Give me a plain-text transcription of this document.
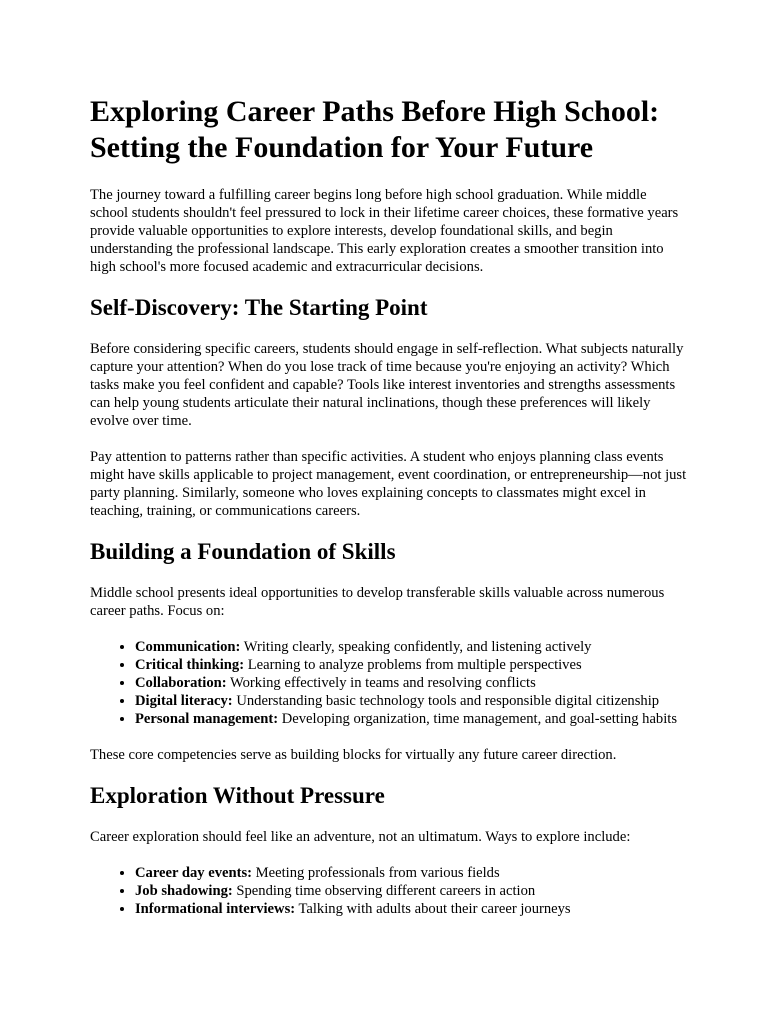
Exploring Career Paths Before High School: Setting the Foundation for Your Future

The journey toward a fulfilling career begins long before high school graduation. While middle school students shouldn't feel pressured to lock in their lifetime career choices, these formative years provide valuable opportunities to explore interests, develop foundational skills, and begin understanding the professional landscape. This early exploration creates a smoother transition into high school's more focused academic and extracurricular decisions.

Self-Discovery: The Starting Point

Before considering specific careers, students should engage in self-reflection. What subjects naturally capture your attention? When do you lose track of time because you're enjoying an activity? Which tasks make you feel confident and capable? Tools like interest inventories and strengths assessments can help young students articulate their natural inclinations, though these preferences will likely evolve over time.

Pay attention to patterns rather than specific activities. A student who enjoys planning class events might have skills applicable to project management, event coordination, or entrepreneurship—not just party planning. Similarly, someone who loves explaining concepts to classmates might excel in teaching, training, or communications careers.

Building a Foundation of Skills

Middle school presents ideal opportunities to develop transferable skills valuable across numerous career paths. Focus on:

• Communication: Writing clearly, speaking confidently, and listening actively
• Critical thinking: Learning to analyze problems from multiple perspectives
• Collaboration: Working effectively in teams and resolving conflicts
• Digital literacy: Understanding basic technology tools and responsible digital citizenship
• Personal management: Developing organization, time management, and goal-setting habits

These core competencies serve as building blocks for virtually any future career direction.

Exploration Without Pressure

Career exploration should feel like an adventure, not an ultimatum. Ways to explore include:

• Career day events: Meeting professionals from various fields
• Job shadowing: Spending time observing different careers in action
• Informational interviews: Talking with adults about their career journeys
